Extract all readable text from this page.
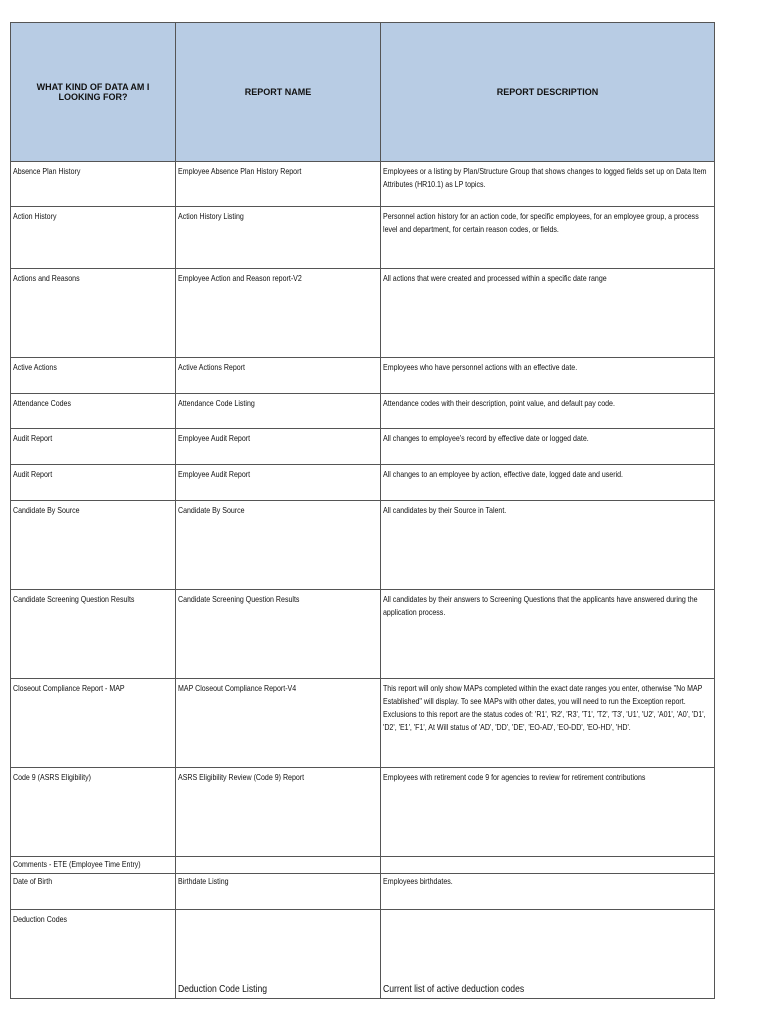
WHAT KIND OF DATA AM I LOOKING FOR?	REPORT NAME	REPORT DESCRIPTION
Absence Plan History	Employee Absence Plan History Report	Employees or a listing by Plan/Structure Group that shows changes to logged fields set up on Data Item Attributes (HR10.1) as LP topics.
Action History	Action History Listing	Personnel action history for an action code, for specific employees, for an employee group, a process level and department, for certain reason codes, or fields.
Actions and Reasons	Employee Action and Reason report-V2	All actions that were created and processed within a specific date range
Active Actions	Active Actions Report	Employees who have personnel actions with an effective date.
Attendance Codes	Attendance Code Listing	Attendance codes with their description, point value, and default pay code.
Audit Report	Employee Audit Report	All changes to employee's record by effective date or logged date.
Audit Report	Employee Audit Report	All changes to an employee by action, effective date, logged date and userid.
Candidate By Source	Candidate By Source	All candidates by their Source in Talent.
Candidate Screening Question Results	Candidate Screening Question Results	All candidates by their answers to Screening Questions that the applicants have answered during the application process.
Closeout Compliance Report - MAP	MAP Closeout Compliance Report-V4	This report will only show MAPs completed within the exact date ranges you enter, otherwise "No MAP Established" will display. To see MAPs with other dates, you will need to run the Exception report. Exclusions to this report are the status codes of: 'R1', 'R2', 'R3', 'T1', 'T2', 'T3', 'U1', 'U2', 'A01', 'A0', 'D1', 'D2', 'E1', 'F1', At Will status of 'AD', 'DD', 'DE', 'EO-AD', 'EO-DD', 'EO-HD', 'HD'.
Code 9 (ASRS Eligibility)	ASRS Eligibility Review (Code 9) Report	Employees with retirement code 9 for agencies to review for retirement contributions
Comments - ETE (Employee Time Entry)		
Date of Birth	Birthdate Listing	Employees birthdates.
Deduction Codes	Deduction Code Listing	Current list of active deduction codes
